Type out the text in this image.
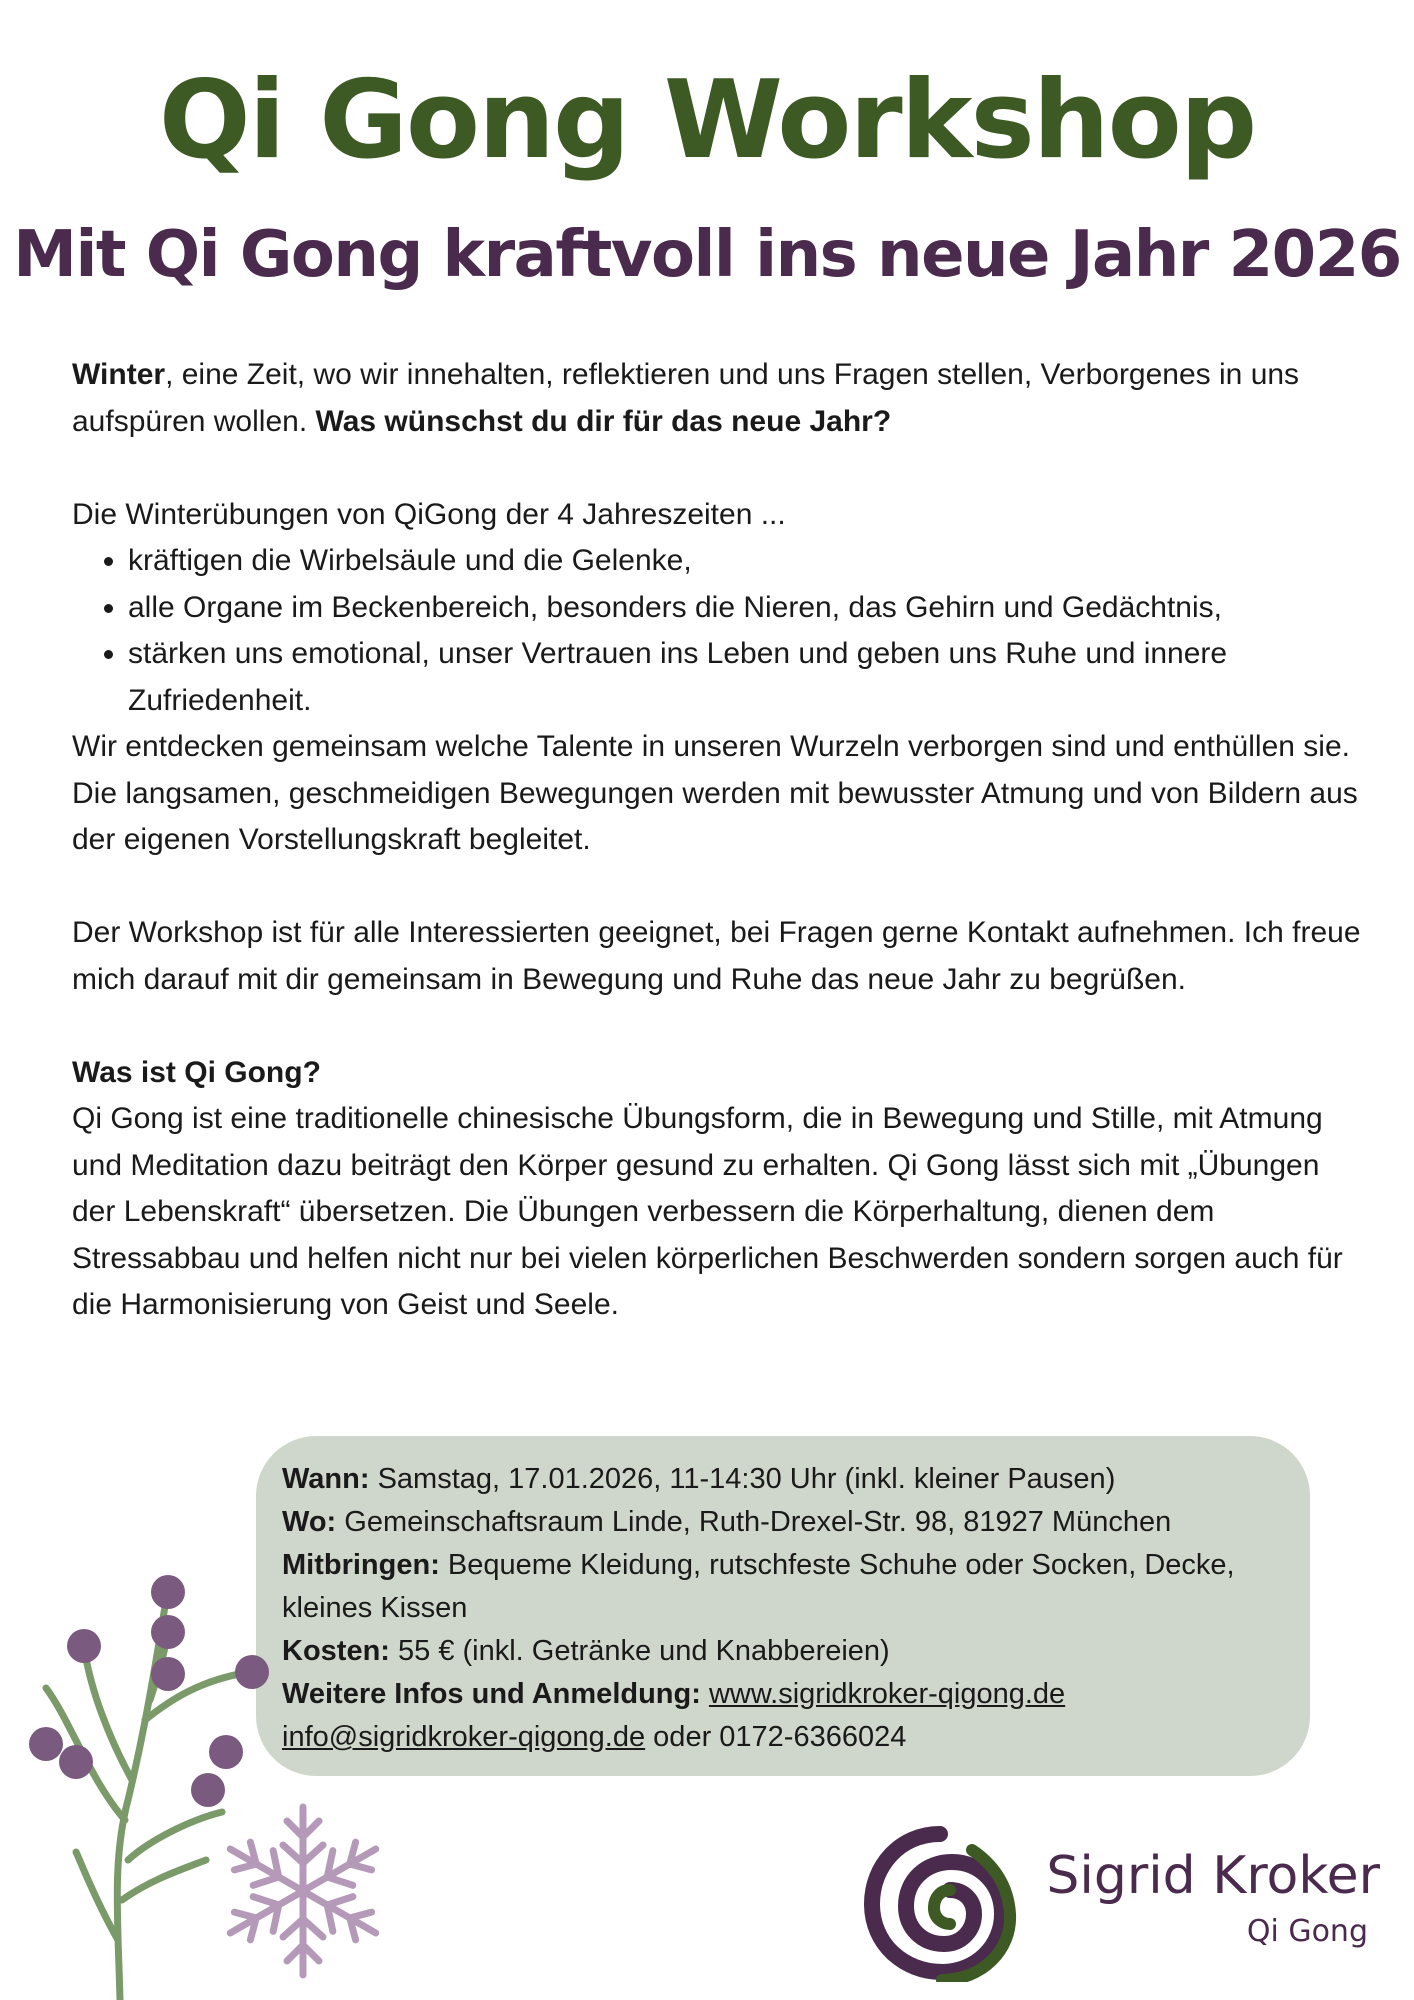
Qi Gong Workshop
Mit Qi Gong kraftvoll ins neue Jahr 2026

Winter, eine Zeit, wo wir innehalten, reflektieren und uns Fragen stellen, Verborgenes in uns aufspüren wollen. Was wünschst du dir für das neue Jahr?

Die Winterübungen von QiGong der 4 Jahreszeiten ...

• kräftigen die Wirbelsäule und die Gelenke,
• alle Organe im Beckenbereich, besonders die Nieren, das Gehirn und Gedächtnis,
• stärken uns emotional, unser Vertrauen ins Leben und geben uns Ruhe und innere Zufriedenheit.

Wir entdecken gemeinsam welche Talente in unseren Wurzeln verborgen sind und enthüllen sie. Die langsamen, geschmeidigen Bewegungen werden mit bewusster Atmung und von Bildern aus der eigenen Vorstellungskraft begleitet.

Der Workshop ist für alle Interessierten geeignet, bei Fragen gerne Kontakt aufnehmen. Ich freue mich darauf mit dir gemeinsam in Bewegung und Ruhe das neue Jahr zu begrüßen.

Was ist Qi Gong?

Qi Gong ist eine traditionelle chinesische Übungsform, die in Bewegung und Stille, mit Atmung und Meditation dazu beiträgt den Körper gesund zu erhalten. Qi Gong lässt sich mit „Übungen der Lebenskraft“ übersetzen. Die Übungen verbessern die Körperhaltung, dienen dem Stressabbau und helfen nicht nur bei vielen körperlichen Beschwerden sondern sorgen auch für die Harmonisierung von Geist und Seele.

Wann: Samstag, 17.01.2026, 11-14:30 Uhr (inkl. kleiner Pausen)

Wo: Gemeinschaftsraum Linde, Ruth-Drexel-Str. 98, 81927 München

Mitbringen: Bequeme Kleidung, rutschfeste Schuhe oder Socken, Decke, kleines Kissen

Kosten: 55 € (inkl. Getränke und Knabbereien)

Weitere Infos und Anmeldung: www.sigridkroker-qigong.de

info@sigridkroker-qigong.de oder 0172-6366024

Sigrid Kroker
Qi Gong
